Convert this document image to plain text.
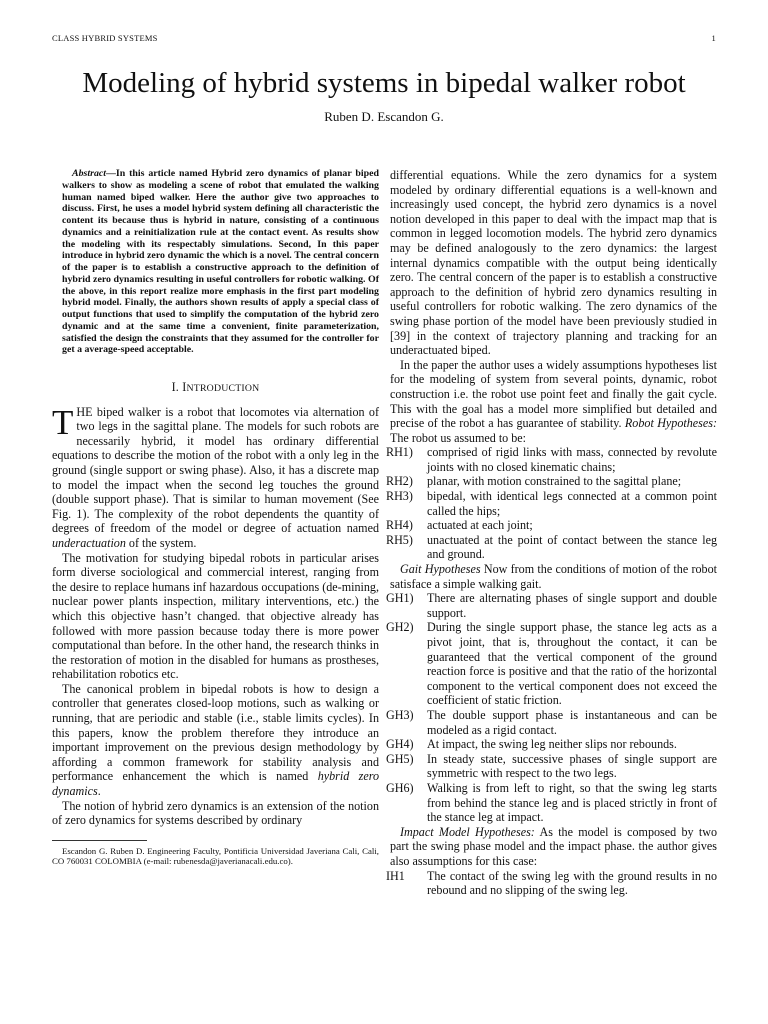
CLASS HYBRID SYSTEMS	1
Modeling of hybrid systems in bipedal walker robot
Ruben D. Escandon G.

Abstract—In this article named Hybrid zero dynamics of planar biped walkers to show as modeling a scene of robot that emulated the walking human named biped walker. Here the author give two approaches to discuss. First, he uses a model hybrid system defining all characteristic the content its because thus is hybrid in nature, consisting of a continuous dynamics and a reinitialization rule at the contact event. As results show the modeling with its respectably simulations. Second, In this paper introduce in hybrid zero dynamic the which is a novel. The central concern of the paper is to establish a constructive approach to the definition of hybrid zero dynamics resulting in useful controllers for robotic walking. Of the above, in this report realize more emphasis in the first part modeling hybrid model. Finally, the authors shown results of apply a special class of output functions that used to simplify the computation of the hybrid zero dynamic and at the same time a convenient, finite parameterization, satisfied the design the constraints that they assumed for the controller for get a average-speed acceptable.

I. INTRODUCTION

THE biped walker is a robot that locomotes via alternation of two legs in the sagittal plane. The models for such robots are necessarily hybrid, it model has ordinary differential equations to describe the motion of the robot with a only leg in the ground (single support or swing phase). Also, it has a discrete map to model the impact when the second leg touches the ground (double support phase). That is similar to human movement (See Fig. 1). The complexity of the robot dependents the quantity of degrees of freedom of the model or degree of actuation named underactuation of the system.

The motivation for studying bipedal robots in particular arises form diverse sociological and commercial interest, ranging from the desire to replace humans inf hazardous occupations (de-mining, nuclear power plants inspection, military interventions, etc.) the which this objective hasn’t changed. that objective already has followed with more passion because today there is more power computational than before. In the other hand, the research thinks in the restoration of motion in the disabled for humans as prostheses, rehabilitation robotics etc.

The canonical problem in bipedal robots is how to design a controller that generates closed-loop motions, such as walking or running, that are periodic and stable (i.e., stable limits cycles). In this papers, know the problem therefore they introduce an important improvement on the previous design methodology by affording a common framework for stability analysis and performance enhancement the which is named hybrid zero dynamics.

The notion of hybrid zero dynamics is an extension of the notion of zero dynamics for systems described by ordinary

Escandon G. Ruben D. Engineering Faculty, Pontificia Universidad Javeriana Cali, Cali, CO 760031 COLOMBIA (e-mail: rubenesda@javerianacali.edu.co).

differential equations. While the zero dynamics for a system modeled by ordinary differential equations is a well-known and increasingly used concept, the hybrid zero dynamics is a novel notion developed in this paper to deal with the impact map that is common in legged locomotion models. The hybrid zero dynamics may be defined analogously to the zero dynamics: the largest internal dynamics compatible with the output being identically zero. The central concern of the paper is to establish a constructive approach to the definition of hybrid zero dynamics resulting in useful controllers for robotic walking. The zero dynamics of the swing phase portion of the model have been previously studied in [39] in the context of trajectory planning and tracking for an underactuated biped.

In the paper the author uses a widely assumptions hypotheses list for the modeling of system from several points, dynamic, robot construction i.e. the robot use point feet and finally the gait cycle. This with the goal has a model more simplified but detailed and precise of the robot a has guarantee of stability. Robot Hypotheses: The robot us assumed to be:

RH1) comprised of rigid links with mass, connected by revolute joints with no closed kinematic chains;
RH2) planar, with motion constrained to the sagittal plane;
RH3) bipedal, with identical legs connected at a common point called the hips;
RH4) actuated at each joint;
RH5) unactuated at the point of contact between the stance leg and ground.

Gait Hypotheses Now from the conditions of motion of the robot satisface a simple walking gait.

GH1) There are alternating phases of single support and double support.
GH2) During the single support phase, the stance leg acts as a pivot joint, that is, throughout the contact, it can be guaranteed that the vertical component of the ground reaction force is positive and that the ratio of the horizontal component to the vertical component does not exceed the coefficient of static friction.
GH3) The double support phase is instantaneous and can be modeled as a rigid contact.
GH4) At impact, the swing leg neither slips nor rebounds.
GH5) In steady state, successive phases of single support are symmetric with respect to the two legs.
GH6) Walking is from left to right, so that the swing leg starts from behind the stance leg and is placed strictly in front of the stance leg at impact.

Impact Model Hypotheses: As the model is composed by two part the swing phase model and the impact phase. the author gives also assumptions for this case:

IH1 The contact of the swing leg with the ground results in no rebound and no slipping of the swing leg.
